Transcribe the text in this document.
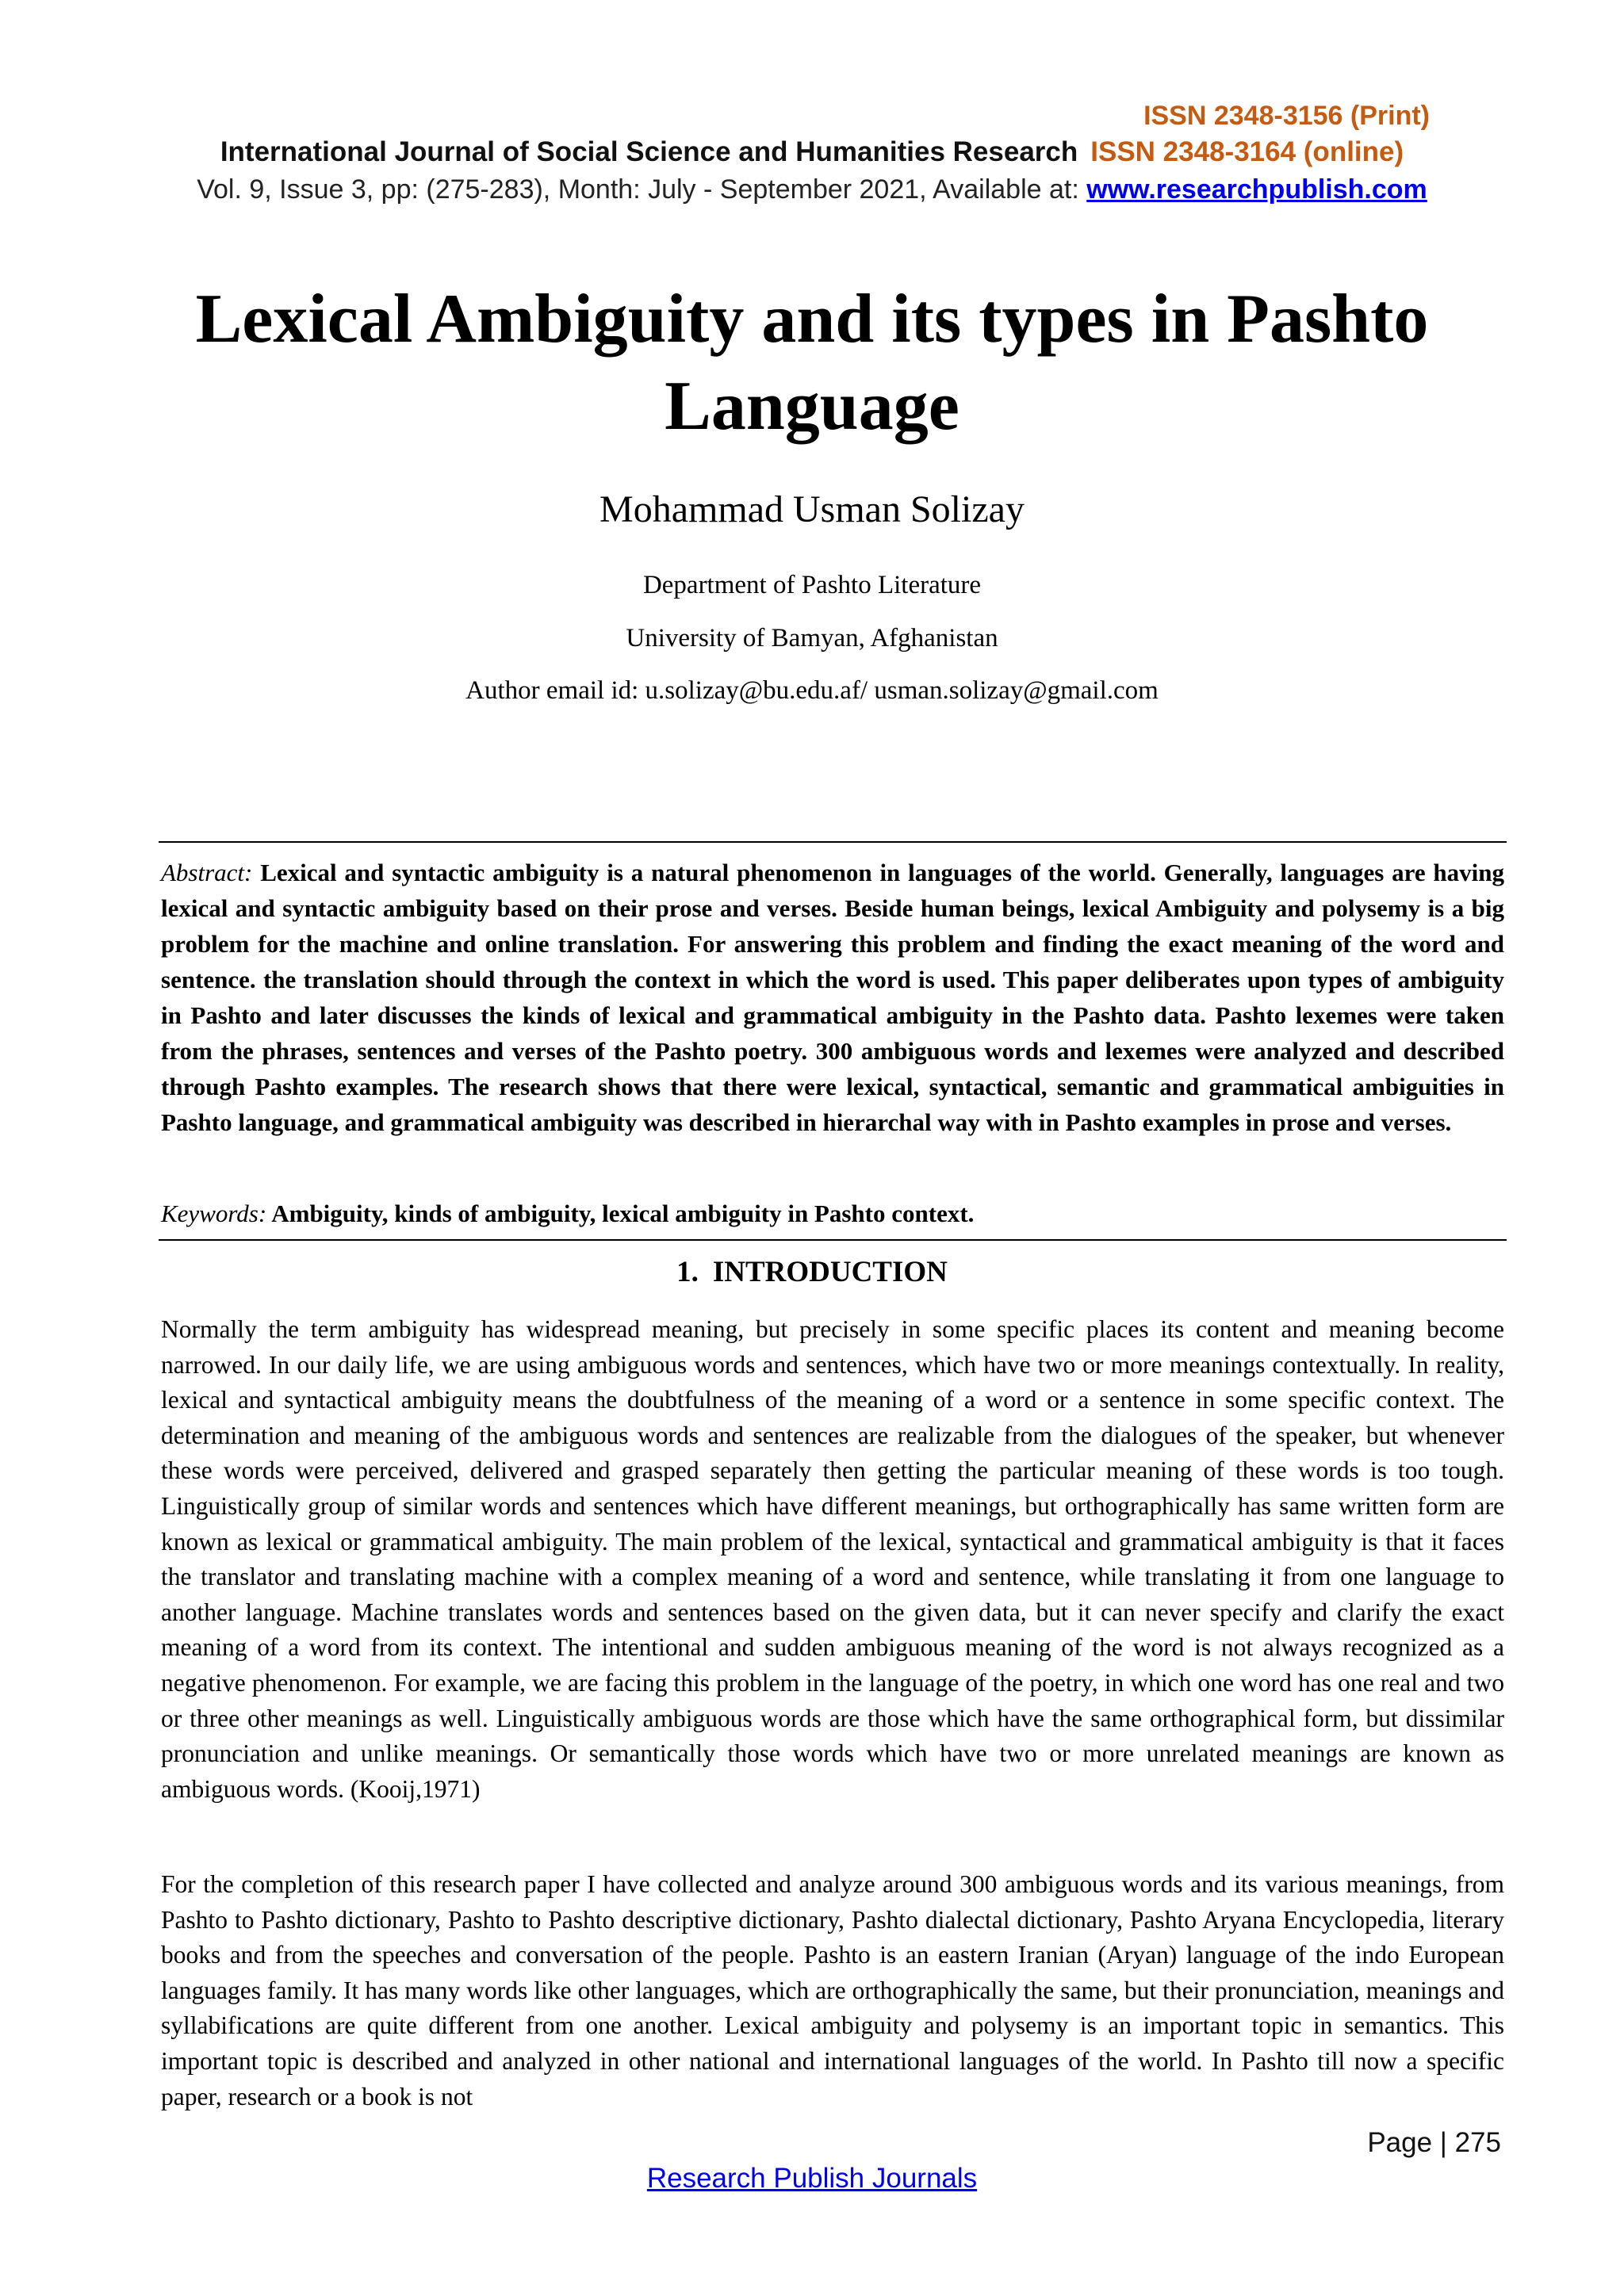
ISSN 2348-3156 (Print)
International Journal of Social Science and Humanities Research ISSN 2348-3164 (online)
Vol. 9, Issue 3, pp: (275-283), Month: July - September 2021, Available at: www.researchpublish.com
Lexical Ambiguity and its types in Pashto Language
Mohammad Usman Solizay
Department of Pashto Literature
University of Bamyan, Afghanistan
Author email id: u.solizay@bu.edu.af/ usman.solizay@gmail.com

Abstract: Lexical and syntactic ambiguity is a natural phenomenon in languages of the world. Generally, languages are having lexical and syntactic ambiguity based on their prose and verses. Beside human beings, lexical Ambiguity and polysemy is a big problem for the machine and online translation. For answering this problem and finding the exact meaning of the word and sentence. the translation should through the context in which the word is used. This paper deliberates upon types of ambiguity in Pashto and later discusses the kinds of lexical and grammatical ambiguity in the Pashto data. Pashto lexemes were taken from the phrases, sentences and verses of the Pashto poetry. 300 ambiguous words and lexemes were analyzed and described through Pashto examples. The research shows that there were lexical, syntactical, semantic and grammatical ambiguities in Pashto language, and grammatical ambiguity was described in hierarchal way with in Pashto examples in prose and verses.

Keywords: Ambiguity, kinds of ambiguity, lexical ambiguity in Pashto context.

1. INTRODUCTION

Normally the term ambiguity has widespread meaning, but precisely in some specific places its content and meaning become narrowed. In our daily life, we are using ambiguous words and sentences, which have two or more meanings contextually. In reality, lexical and syntactical ambiguity means the doubtfulness of the meaning of a word or a sentence in some specific context. The determination and meaning of the ambiguous words and sentences are realizable from the dialogues of the speaker, but whenever these words were perceived, delivered and grasped separately then getting the particular meaning of these words is too tough. Linguistically group of similar words and sentences which have different meanings, but orthographically has same written form are known as lexical or grammatical ambiguity. The main problem of the lexical, syntactical and grammatical ambiguity is that it faces the translator and translating machine with a complex meaning of a word and sentence, while translating it from one language to another language. Machine translates words and sentences based on the given data, but it can never specify and clarify the exact meaning of a word from its context. The intentional and sudden ambiguous meaning of the word is not always recognized as a negative phenomenon. For example, we are facing this problem in the language of the poetry, in which one word has one real and two or three other meanings as well. Linguistically ambiguous words are those which have the same orthographical form, but dissimilar pronunciation and unlike meanings. Or semantically those words which have two or more unrelated meanings are known as ambiguous words. (Kooij,1971)

For the completion of this research paper I have collected and analyze around 300 ambiguous words and its various meanings, from Pashto to Pashto dictionary, Pashto to Pashto descriptive dictionary, Pashto dialectal dictionary, Pashto Aryana Encyclopedia, literary books and from the speeches and conversation of the people. Pashto is an eastern Iranian (Aryan) language of the indo European languages family. It has many words like other languages, which are orthographically the same, but their pronunciation, meanings and syllabifications are quite different from one another. Lexical ambiguity and polysemy is an important topic in semantics. This important topic is described and analyzed in other national and international languages of the world. In Pashto till now a specific paper, research or a book is not

Page | 275
Research Publish Journals
